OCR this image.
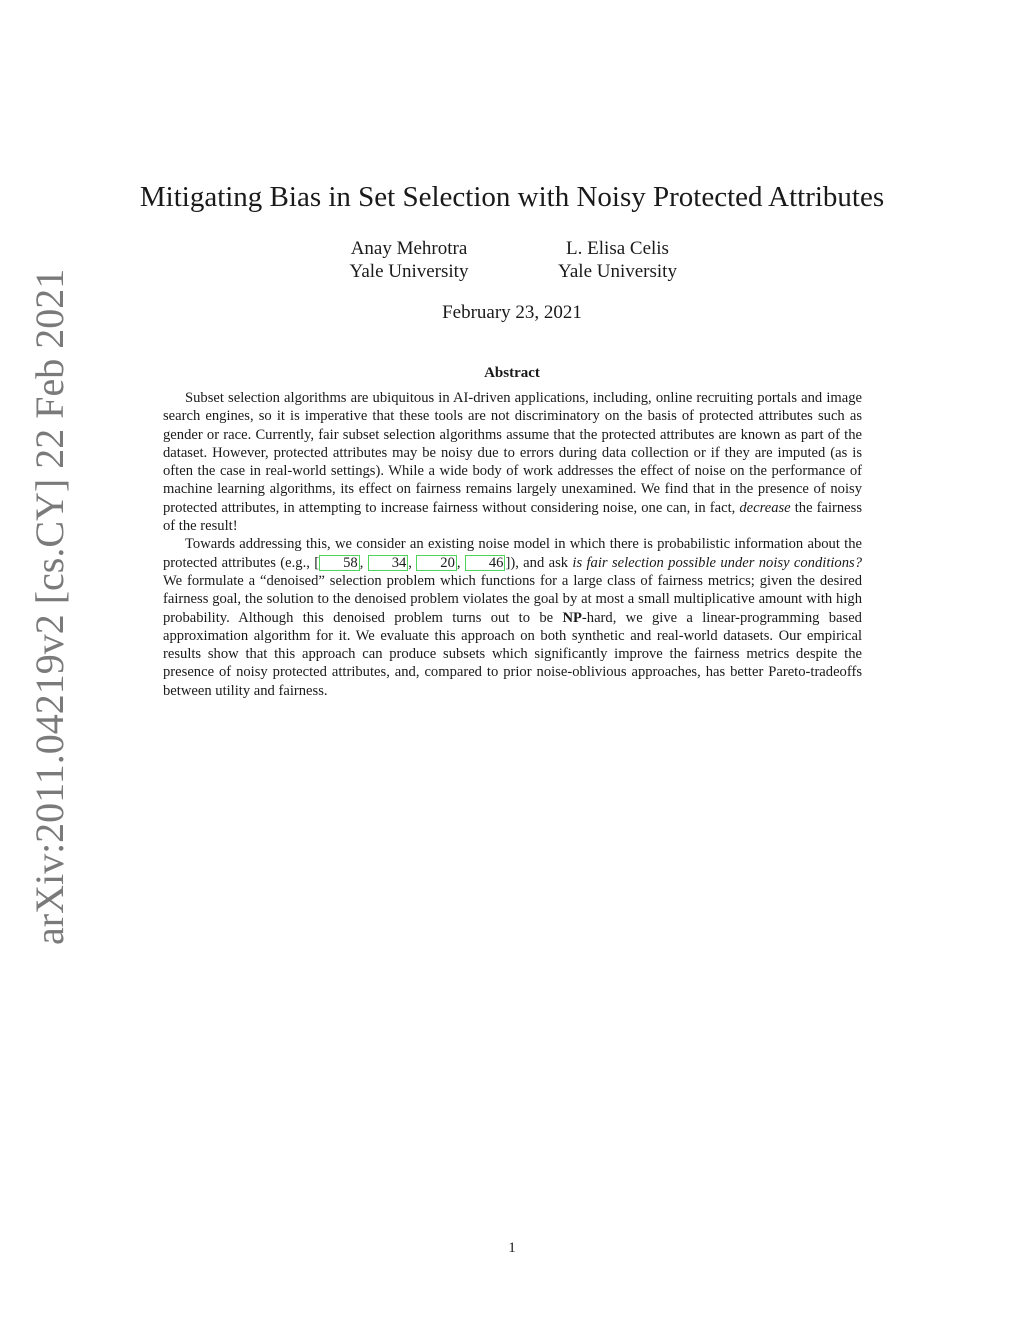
arXiv:2011.04219v2 [cs.CY] 22 Feb 2021
Mitigating Bias in Set Selection with Noisy Protected Attributes
Anay Mehrotra
Yale University
L. Elisa Celis
Yale University
February 23, 2021
Abstract

Subset selection algorithms are ubiquitous in AI-driven applications, including, online recruiting portals and image search engines, so it is imperative that these tools are not discriminatory on the basis of protected attributes such as gender or race. Currently, fair subset selection algorithms assume that the protected attributes are known as part of the dataset. However, protected attributes may be noisy due to errors during data collection or if they are imputed (as is often the case in real-world settings). While a wide body of work addresses the effect of noise on the performance of machine learning algorithms, its effect on fairness remains largely unexamined. We find that in the presence of noisy protected attributes, in attempting to increase fairness without considering noise, one can, in fact, decrease the fairness of the result!

Towards addressing this, we consider an existing noise model in which there is probabilistic information about the protected attributes (e.g., [ 58 , 34 , 20 , 46 ]), and ask is fair selection possible under noisy conditions? We formulate a “denoised” selection problem which functions for a large class of fairness metrics; given the desired fairness goal, the solution to the denoised problem violates the goal by at most a small multiplicative amount with high probability. Although this denoised problem turns out to be NP-hard, we give a linear-programming based approximation algorithm for it. We evaluate this approach on both synthetic and real-world datasets. Our empirical results show that this approach can produce subsets which significantly improve the fairness metrics despite the presence of noisy protected attributes, and, compared to prior noise-oblivious approaches, has better Pareto-tradeoffs between utility and fairness.

1
